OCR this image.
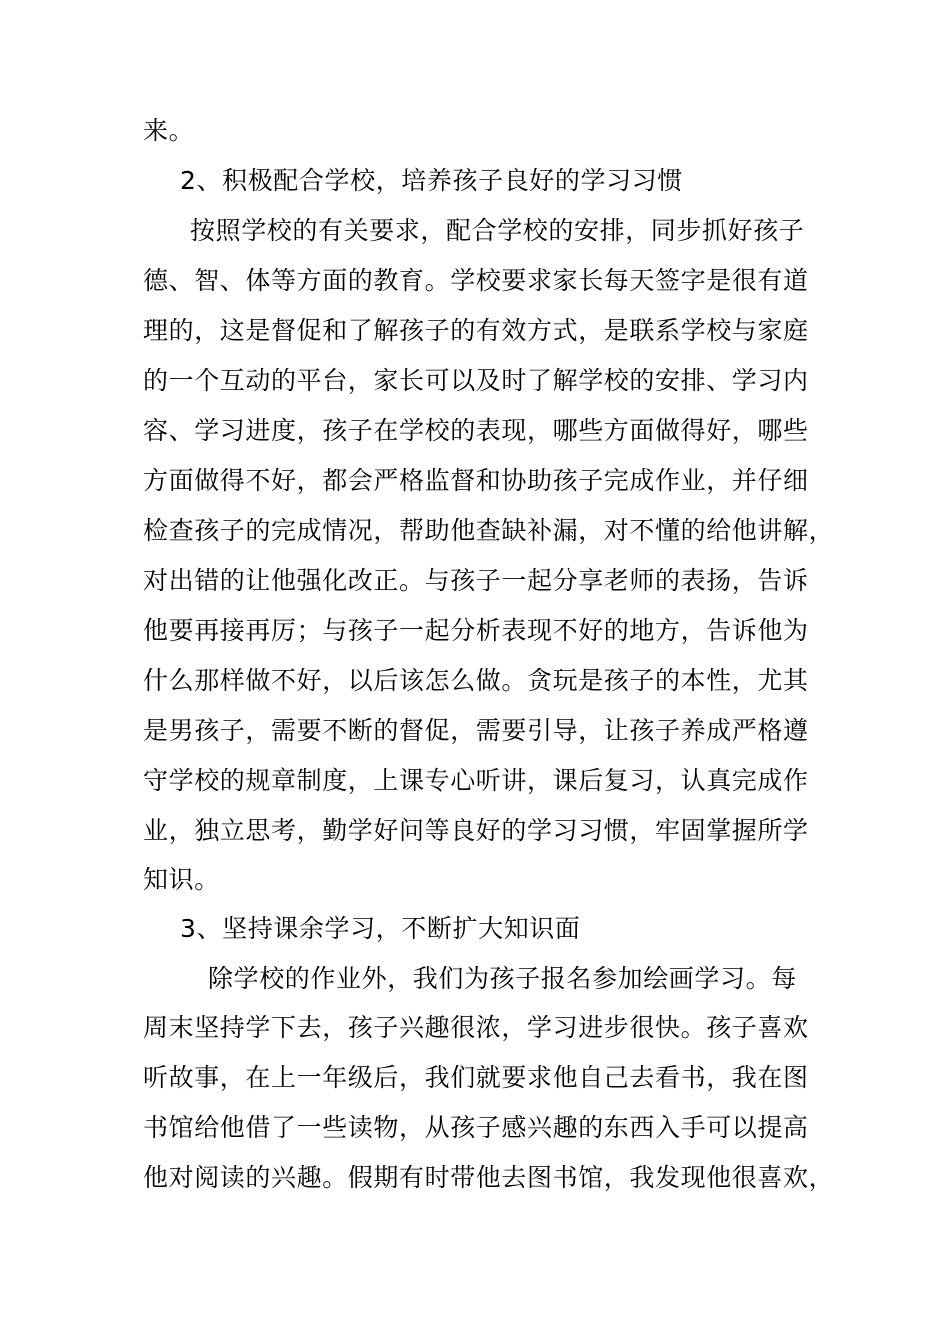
来。
2、积极配合学校，培养孩子良好的学习习惯
按照学校的有关要求，配合学校的安排，同步抓好孩子
德、智、体等方面的教育。学校要求家长每天签字是很有道
理的，这是督促和了解孩子的有效方式，是联系学校与家庭
的一个互动的平台，家长可以及时了解学校的安排、学习内
容、学习进度，孩子在学校的表现，哪些方面做得好，哪些
方面做得不好，都会严格监督和协助孩子完成作业，并仔细
检查孩子的完成情况，帮助他查缺补漏，对不懂的给他讲解，
对出错的让他强化改正。与孩子一起分享老师的表扬，告诉
他要再接再厉；与孩子一起分析表现不好的地方，告诉他为
什么那样做不好，以后该怎么做。贪玩是孩子的本性，尤其
是男孩子，需要不断的督促，需要引导，让孩子养成严格遵
守学校的规章制度，上课专心听讲，课后复习，认真完成作
业，独立思考，勤学好问等良好的学习习惯，牢固掌握所学
知识。
3、坚持课余学习，不断扩大知识面
除学校的作业外，我们为孩子报名参加绘画学习。每
周末坚持学下去，孩子兴趣很浓，学习进步很快。孩子喜欢
听故事，在上一年级后，我们就要求他自己去看书，我在图
书馆给他借了一些读物，从孩子感兴趣的东西入手可以提高
他对阅读的兴趣。假期有时带他去图书馆，我发现他很喜欢，
